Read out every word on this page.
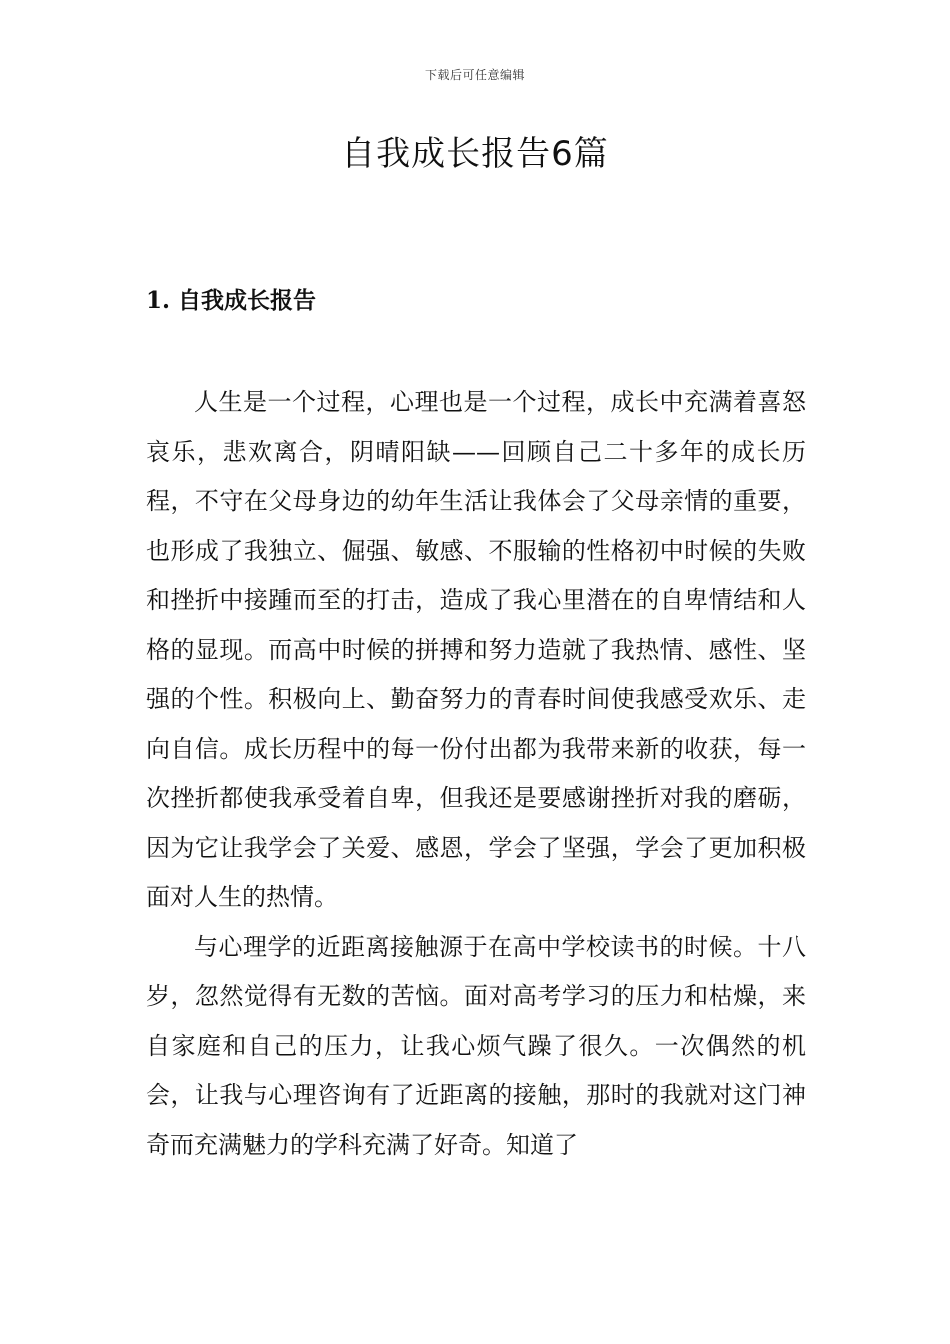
下载后可任意编辑
自我成长报告6篇
1. 自我成长报告

人生是一个过程，心理也是一个过程，成长中充满着喜怒哀乐，悲欢离合，阴晴阳缺——回顾自己二十多年的成长历程，不守在父母身边的幼年生活让我体会了父母亲情的重要，也形成了我独立、倔强、敏感、不服输的性格初中时候的失败和挫折中接踵而至的打击，造成了我心里潜在的自卑情结和人格的显现。而高中时候的拼搏和努力造就了我热情、感性、坚强的个性。积极向上、勤奋努力的青春时间使我感受欢乐、走向自信。成长历程中的每一份付出都为我带来新的收获，每一次挫折都使我承受着自卑，但我还是要感谢挫折对我的磨砺，因为它让我学会了关爱、感恩，学会了坚强，学会了更加积极面对人生的热情。

与心理学的近距离接触源于在高中学校读书的时候。十八岁，忽然觉得有无数的苦恼。面对高考学习的压力和枯燥，来自家庭和自己的压力，让我心烦气躁了很久。一次偶然的机会，让我与心理咨询有了近距离的接触，那时的我就对这门神奇而充满魅力的学科充满了好奇。知道了
